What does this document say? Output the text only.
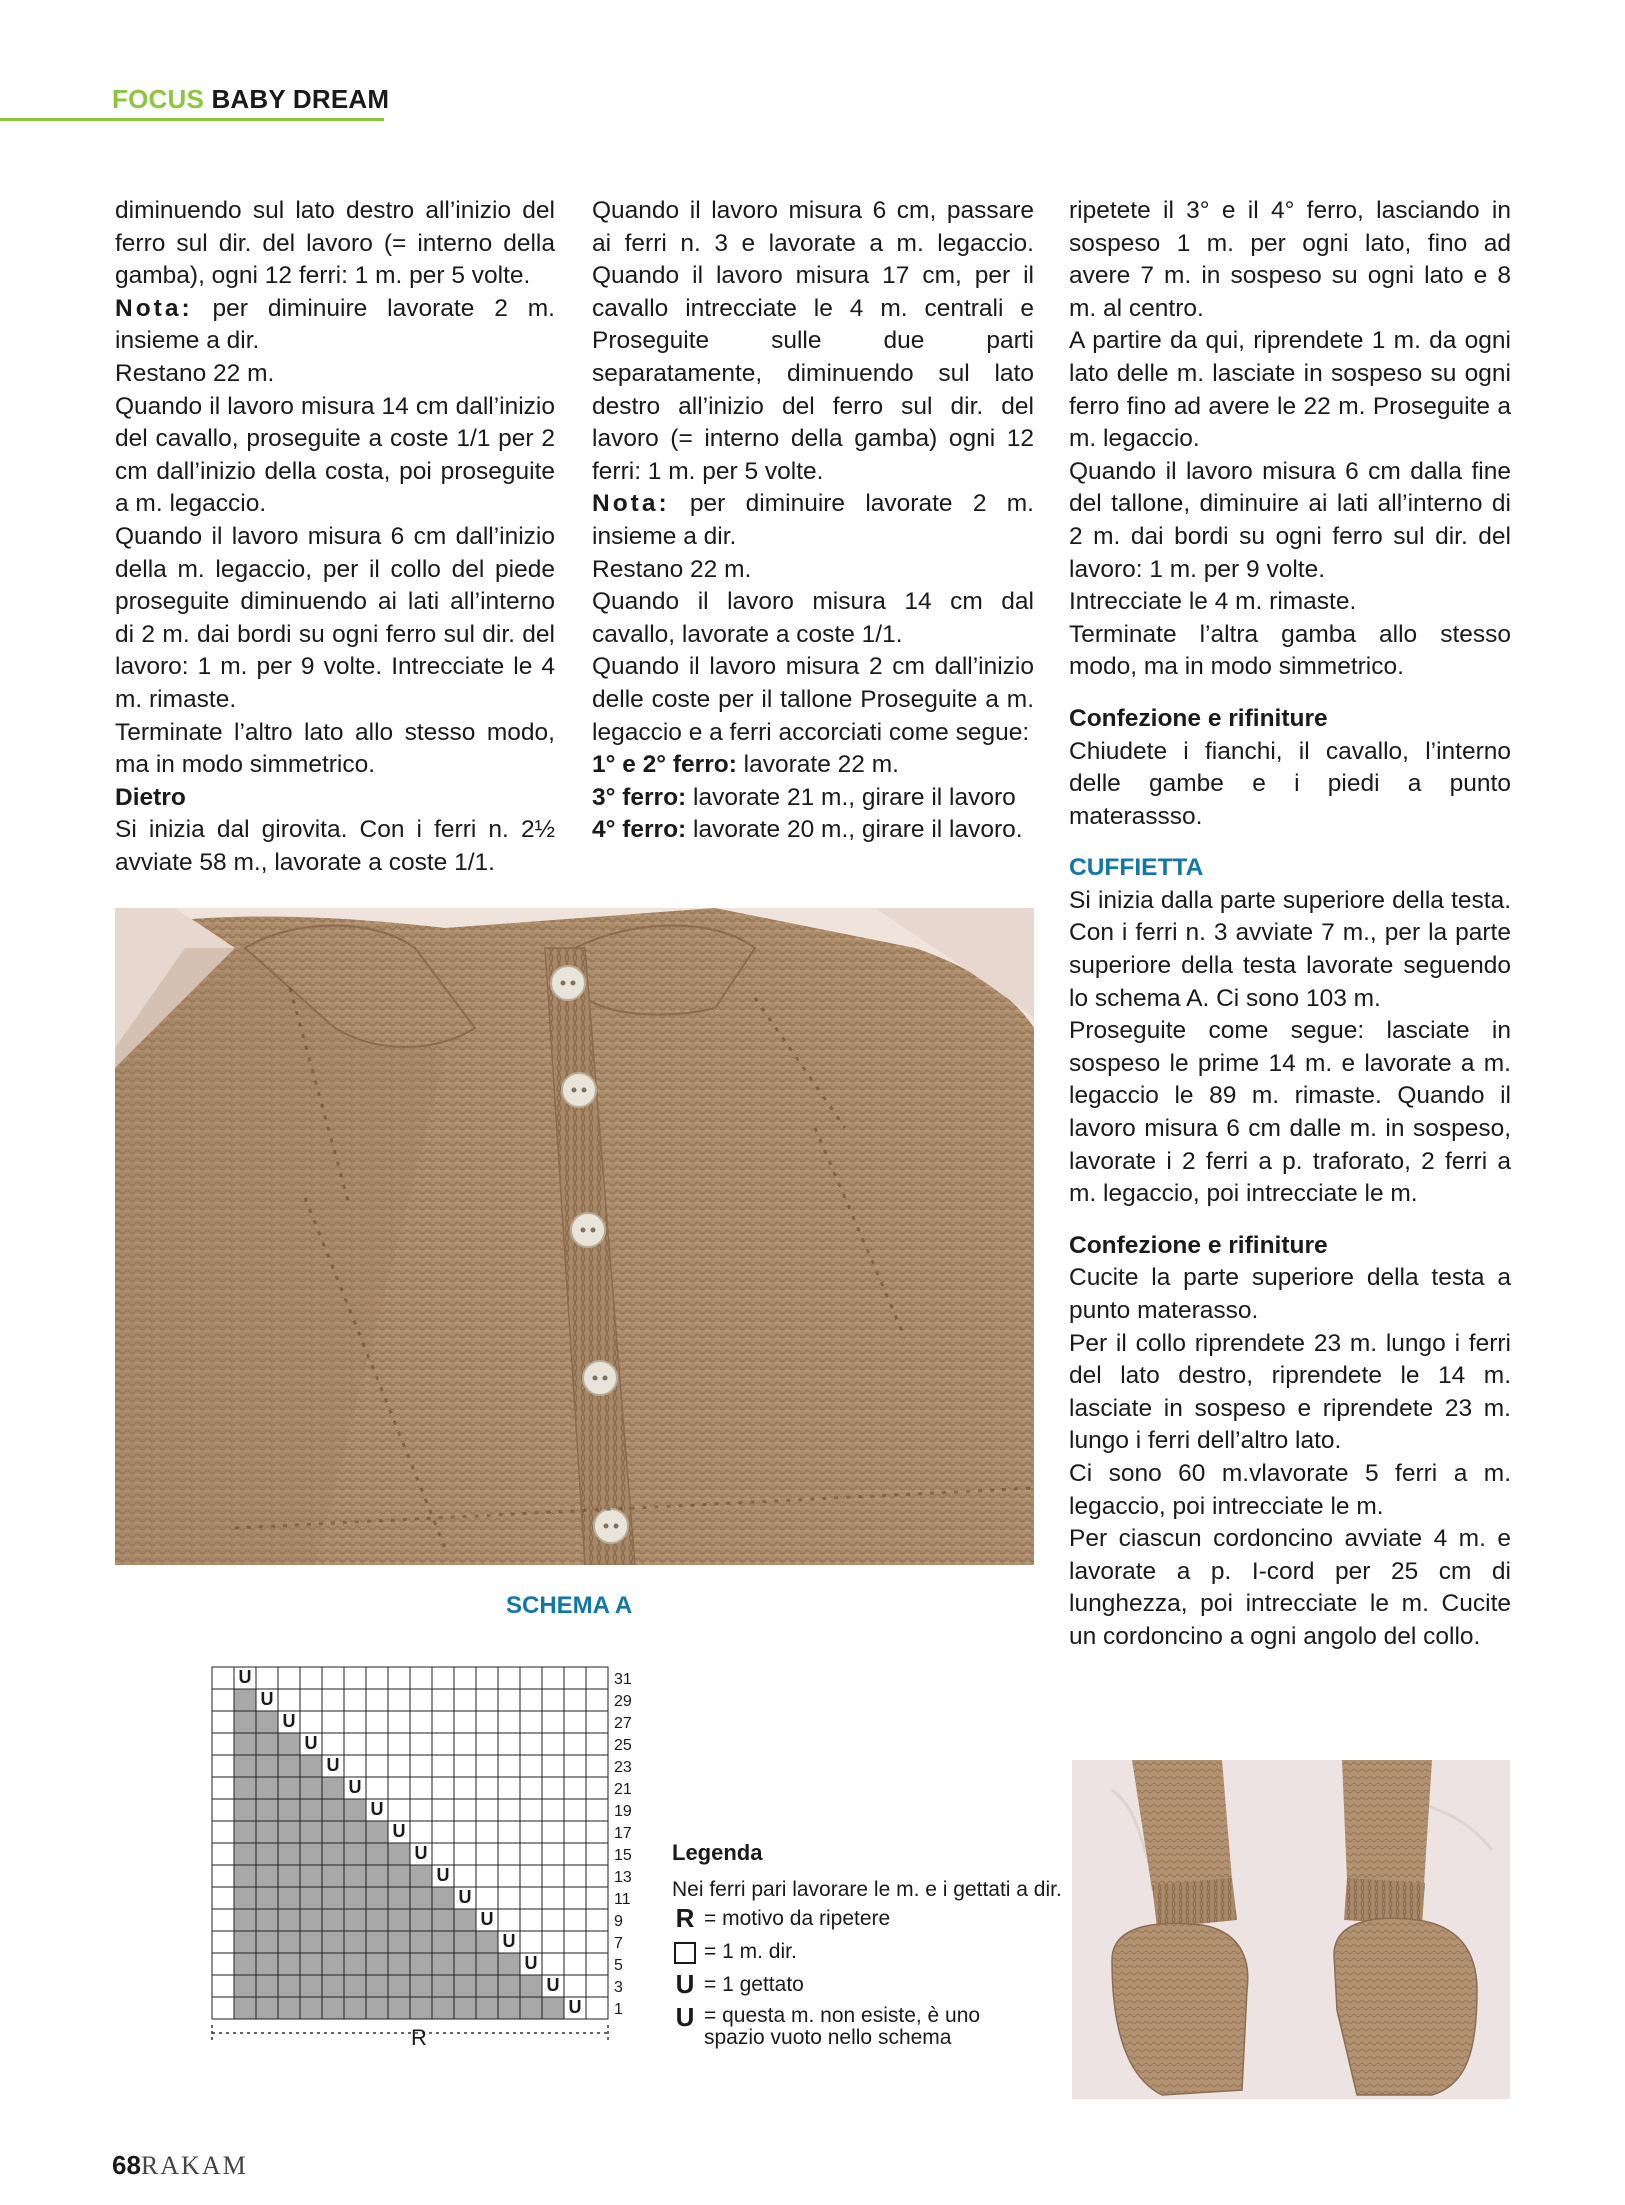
FOCUS BABY DREAM

diminuendo sul lato destro all’inizio del ferro sul dir. del lavoro (= interno della gamba), ogni 12 ferri: 1 m. per 5 volte.

Nota: per diminuire lavorate 2 m. insieme a dir.

Restano 22 m.

Quando il lavoro misura 14 cm dall’inizio del cavallo, proseguite a coste 1/1 per 2 cm dall’inizio della costa, poi proseguite a m. legaccio.

Quando il lavoro misura 6 cm dall’inizio della m. legaccio, per il collo del piede proseguite diminuendo ai lati all’interno di 2 m. dai bordi su ogni ferro sul dir. del lavoro: 1 m. per 9 volte. Intrecciate le 4 m. rimaste.

Terminate l’altro lato allo stesso modo, ma in modo simmetrico.

Dietro

Si inizia dal girovita. Con i ferri n. 2½ avviate 58 m., lavorate a coste 1/1.

Quando il lavoro misura 6 cm, passare ai ferri n. 3 e lavorate a m. legaccio. Quando il lavoro misura 17 cm, per il cavallo intrecciate le 4 m. centrali e Proseguite sulle due parti separatamente, diminuendo sul lato destro all’inizio del ferro sul dir. del lavoro (= interno della gamba) ogni 12 ferri: 1 m. per 5 volte.

Nota: per diminuire lavorate 2 m. insieme a dir.

Restano 22 m.

Quando il lavoro misura 14 cm dal cavallo, lavorate a coste 1/1.

Quando il lavoro misura 2 cm dall’inizio delle coste per il tallone Proseguite a m. legaccio e a ferri accorciati come segue:

1° e 2° ferro: lavorate 22 m.

3° ferro: lavorate 21 m., girare il lavoro

4° ferro: lavorate 20 m., girare il lavoro.

ripetete il 3° e il 4° ferro, lasciando in sospeso 1 m. per ogni lato, fino ad avere 7 m. in sospeso su ogni lato e 8 m. al centro.

A partire da qui, riprendete 1 m. da ogni lato delle m. lasciate in sospeso su ogni ferro fino ad avere le 22 m. Proseguite a m. legaccio.

Quando il lavoro misura 6 cm dalla fine del tallone, diminuire ai lati all’interno di 2 m. dai bordi su ogni ferro sul dir. del lavoro: 1 m. per 9 volte.

Intrecciate le 4 m. rimaste.

Terminate l’altra gamba allo stesso modo, ma in modo simmetrico.

Confezione e rifiniture

Chiudete i fianchi, il cavallo, l’interno delle gambe e i piedi a punto materassso.

CUFFIETTA

Si inizia dalla parte superiore della testa. Con i ferri n. 3 avviate 7 m., per la parte superiore della testa lavorate seguendo lo schema A. Ci sono 103 m.

Proseguite come segue: lasciate in sospeso le prime 14 m. e lavorate a m. legaccio le 89 m. rimaste. Quando il lavoro misura 6 cm dalle m. in sospeso, lavorate i 2 ferri a p. traforato, 2 ferri a m. legaccio, poi intrecciate le m.

Confezione e rifiniture

Cucite la parte superiore della testa a punto materasso.

Per il collo riprendete 23 m. lungo i ferri del lato destro, riprendete le 14 m. lasciate in sospeso e riprendete 23 m. lungo i ferri dell’altro lato.

Ci sono 60 m.vlavorate 5 ferri a m. legaccio, poi intrecciate le m.

Per ciascun cordoncino avviate 4 m. e lavorate a p. I-cord per 25 cm di lunghezza, poi intrecciate le m. Cucite un cordoncino a ogni angolo del collo.

SCHEMA A
U	31
U	29
U	27
U	25
U	23
U	21
U	19
U	17
U	15
U	13
U	11
U	9
U	7
U	5
U	3
U 1
R
Legenda
Nei ferri pari lavorare le m. e i gettati a dir.
R = motivo da ripetere
= 1 m. dir.
U = 1 gettato
U = questa m. non esiste, è uno spazio vuoto nello schema
68RAKAM
